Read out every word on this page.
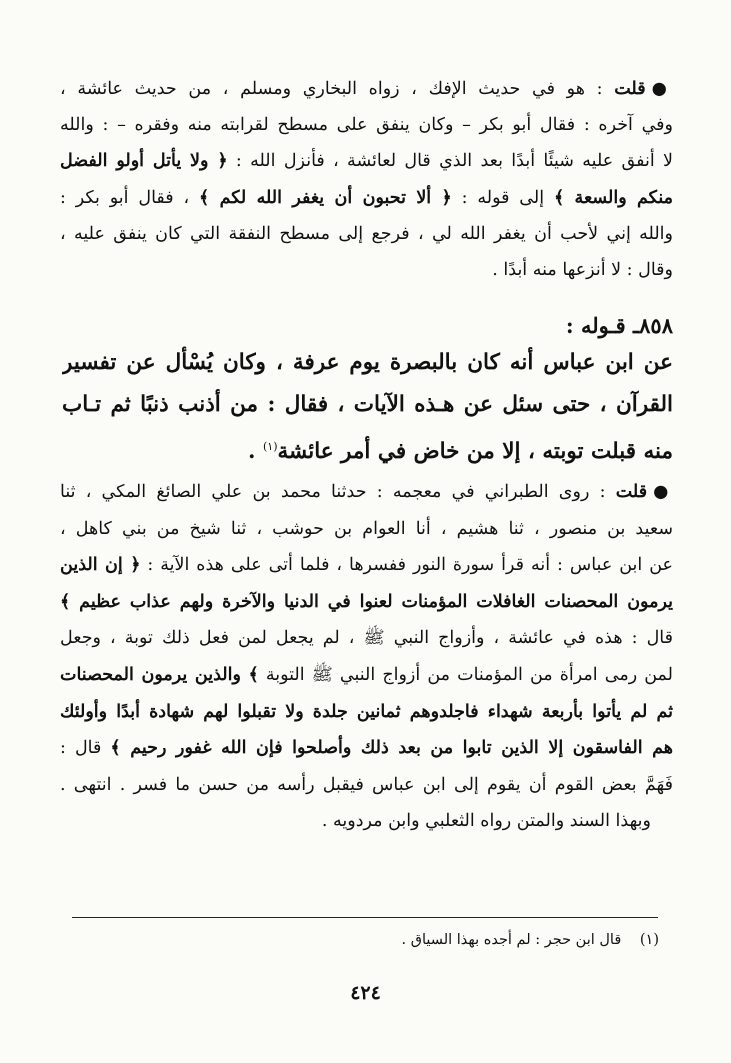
●قلت : هو في حديث الإفك ، زواه البخاري ومسلم ، من حديث عائشة ،
وفي آخره : فقال أبو بكر – وكان ينفق على مسطح لقرابته منه وفقره – : والله
لا أنفق عليه شيئًا أبدًا بعد الذي قال لعائشة ، فأنزل الله : ﴿ ولا يأتل أولو الفضل
منكم والسعة ﴾ إلى قوله : ﴿ ألا تحبون أن يغفر الله لكم ﴾ ، فقال أبو بكر :
والله إني لأحب أن يغفر الله لي ، فرجع إلى مسطح النفقة التي كان ينفق عليه ،
وقال : لا أنزعها منه أبدًا .
٨٥٨ـ قـوله :
عن ابن عباس أنه كان بالبصرة يوم عرفة ، وكان يُسْأل عن تفسير
القرآن ، حتى سئل عن هـذه الآيات ، فقال : من أذنب ذنبًا ثم تـاب
منه قبلت توبته ، إلا من خاض في أمر عائشة$^{(١)}$ .
●قلت : روى الطبراني في معجمه : حدثنا محمد بن علي الصائغ المكي ، ثنا
سعيد بن منصور ، ثنا هشيم ، أنا العوام بن حوشب ، ثنا شيخ من بني كاهل ،
عن ابن عباس : أنه قرأ سورة النور ففسرها ، فلما أتى على هذه الآية : ﴿ إن الذين
يرمون المحصنات الغافلات المؤمنات لعنوا في الدنيا والآخرة ولهم عذاب عظيم ﴾
قال : هذه في عائشة ، وأزواج النبي ﷺ ، لم يجعل لمن فعل ذلك توبة ، وجعل
لمن رمى امرأة من المؤمنات من أزواج النبي ﷺ التوبة ﴾ والذين يرمون المحصنات
ثم لم يأتوا بأربعة شهداء فاجلدوهم ثمانين جلدة ولا تقبلوا لهم شهادة أبدًا وأولئك
هم الفاسقون إلا الذين تابوا من بعد ذلك وأصلحوا فإن الله غفور رحيم ﴾ قال :
فَهَمَّ بعض القوم أن يقوم إلى ابن عباس فيقبل رأسه من حسن ما فسر . انتهى .
وبهذا السند والمتن رواه الثعلبي وابن مردويه .
(١) قال ابن حجر : لم أجده بهذا السياق .
٤٢٤
